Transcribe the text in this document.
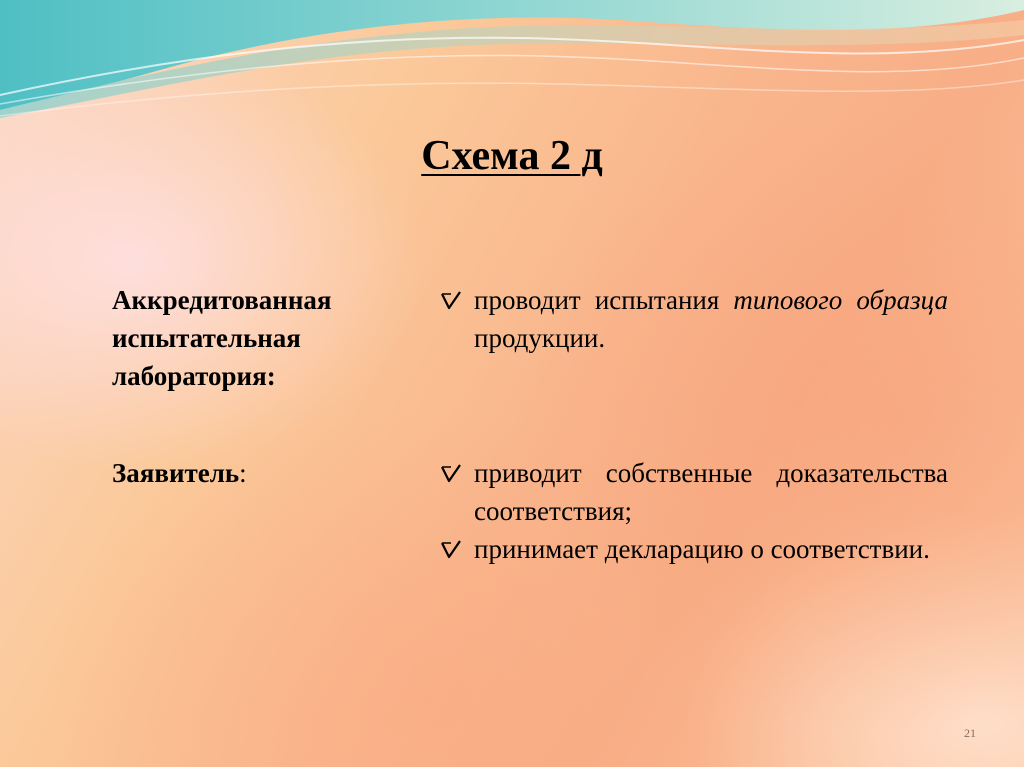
Схема 2 д
Аккредитованная испытательная лаборатория:
проводит испытания типового образца продукции.
Заявитель:	приводит собственные доказательства соответствия;
принимает декларацию о соответствии.
21
